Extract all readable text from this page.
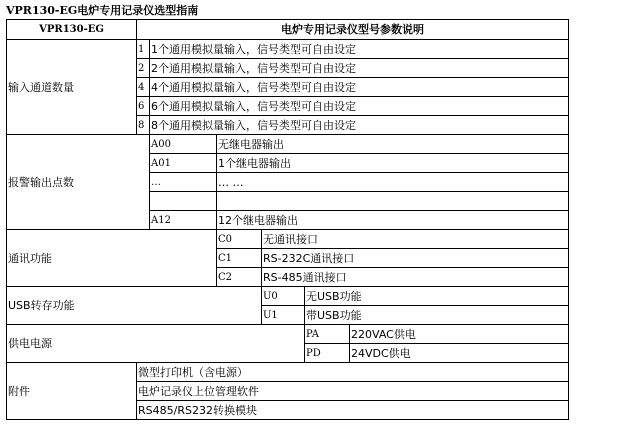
VPR130-EG电炉专用记录仪选型指南
VPR130-EG	电炉专用记录仪型号参数说明					
输入通道数量	1	1个通用模拟量输入，信号类型可自由设定				
	2	2个通用模拟量输入，信号类型可自由设定				
	4	4个通用模拟量输入，信号类型可自由设定				
	6	6个通用模拟量输入，信号类型可自由设定				
	8	8个通用模拟量输入，信号类型可自由设定				
报警输出点数		A00	无继电器输出			
		A01	1个继电器输出			
		…	… …			

		A12	12个继电器输出			
通讯功能			C0	无通讯接口		
			C1	RS-232C通讯接口		
			C2	RS-485通讯接口		
USB转存功能				U0	无USB功能	
				U1	带USB功能	
供电电源					PA	220VAC供电
					PD	24VDC供电
附件	微型打印机（含电源）					
	电炉记录仪上位管理软件					
	RS485/RS232转换模块					
